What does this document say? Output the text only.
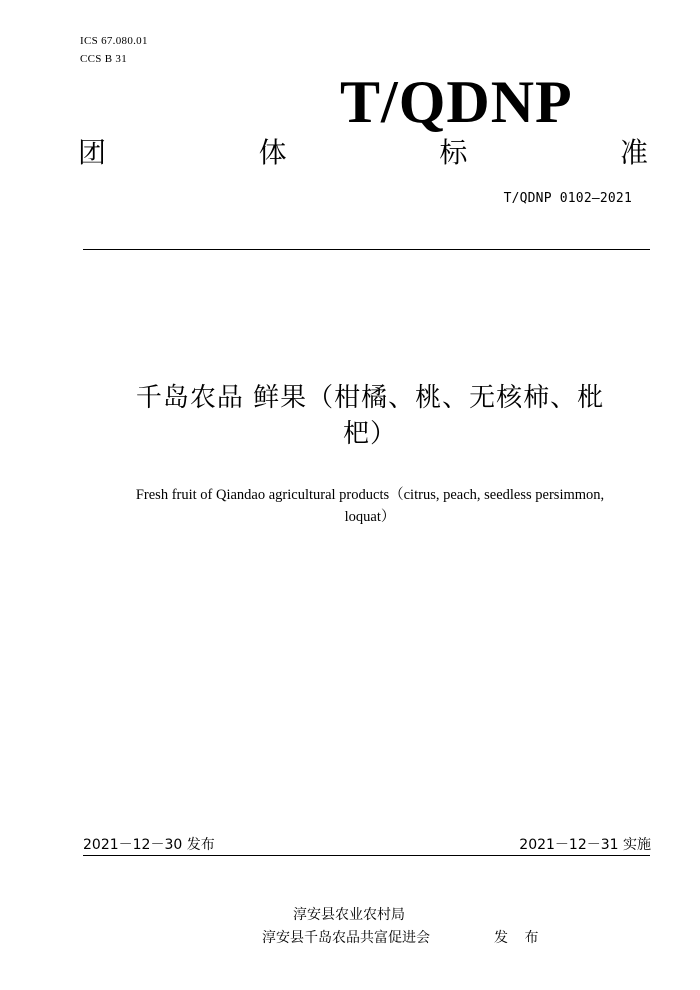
ICS 67.080.01
CCS B 31
T/QDNP
团	体	标	准
T/QDNP 0102—2021
千岛农品 鲜果（柑橘、桃、无核柿、枇
杷）
Fresh fruit of Qiandao agricultural products（citrus, peach, seedless persimmon,
loquat）
2021－12－30 发布	2021－12－31 实施
淳安县农业农村局
淳安县千岛农品共富促进会	发 布
